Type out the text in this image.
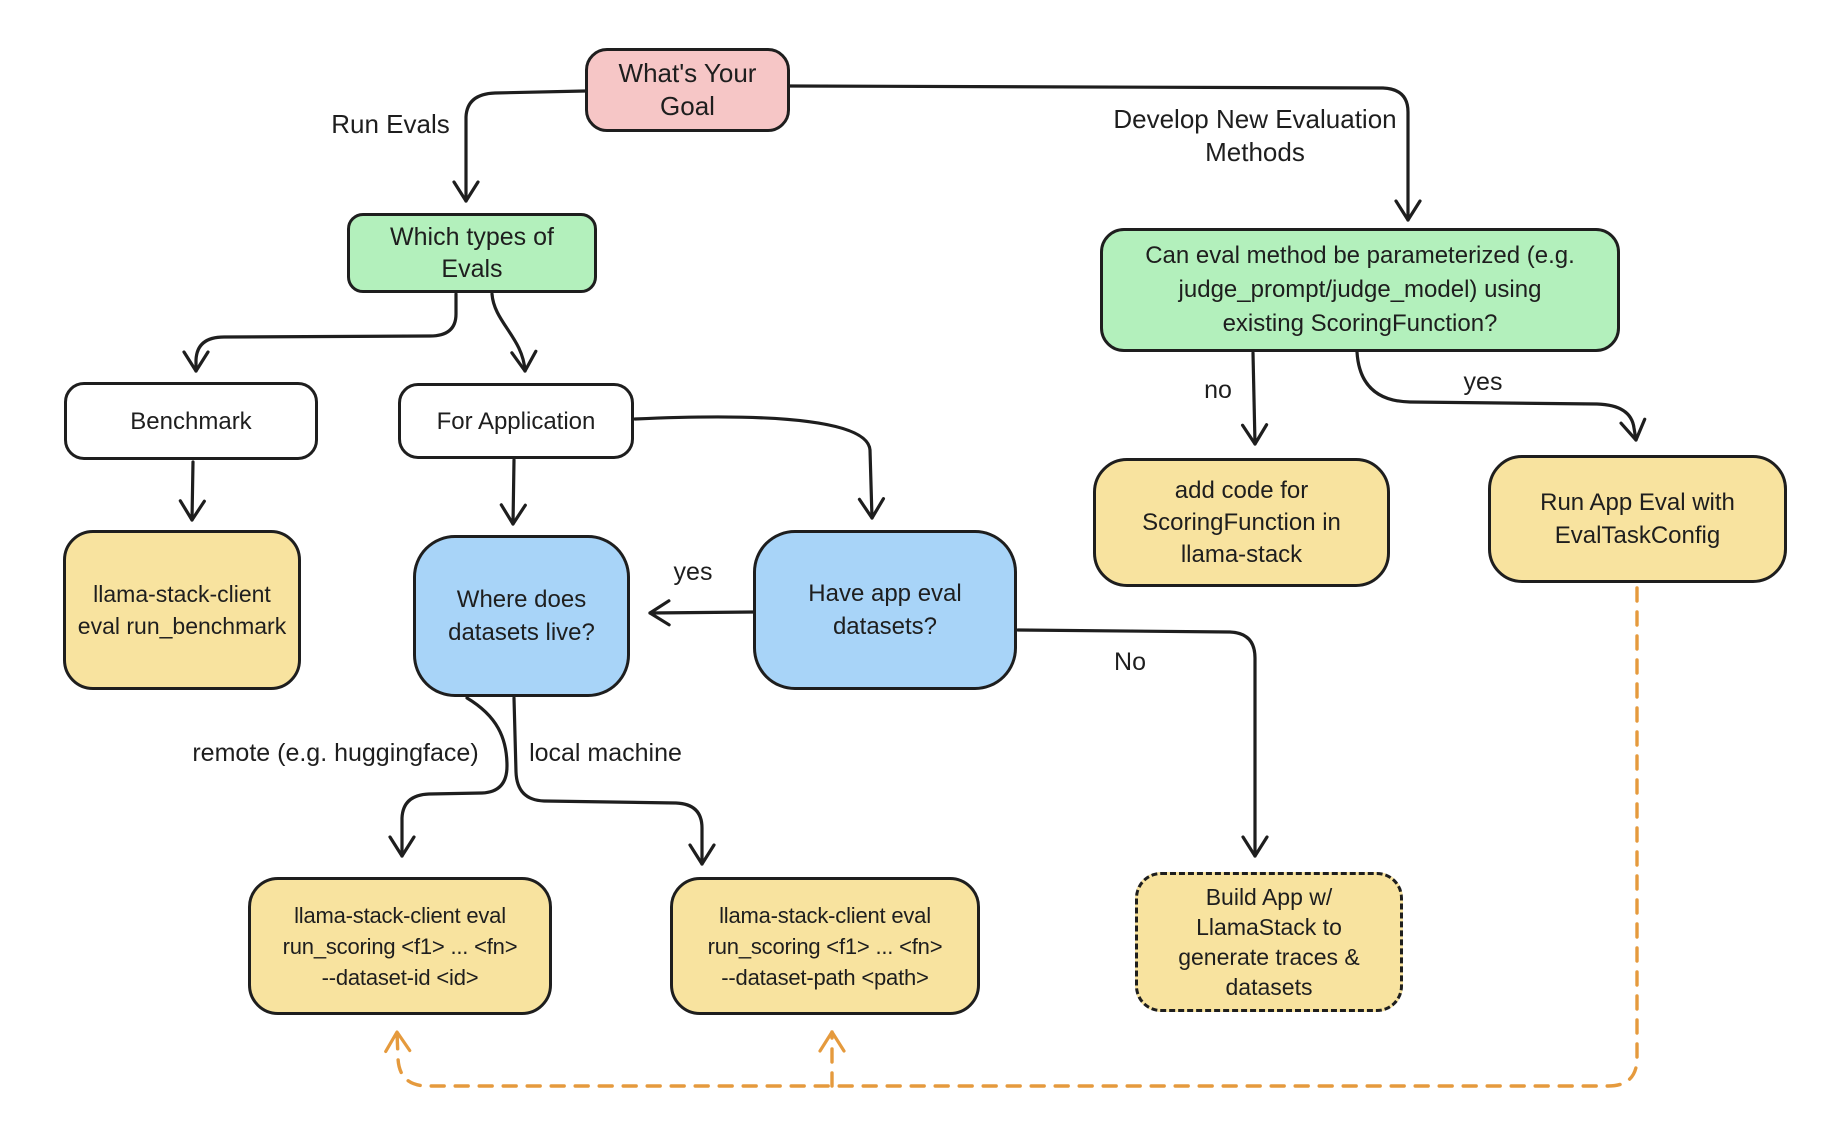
What's Your
Goal
Which types of
Evals
Benchmark	For Application
llama-stack-client
eval run_benchmark
Where does
datasets live?
Have app eval
datasets?
Can eval method be parameterized (e.g.
judge_prompt/judge_model) using
existing ScoringFunction?
add code for
ScoringFunction in
llama-stack
Run App Eval with
EvalTaskConfig
llama-stack-client eval
run_scoring <f1> ... <fn>
--dataset-id <id>
llama-stack-client eval
run_scoring <f1> ... <fn>
--dataset-path <path>
Build App w/
LlamaStack to
generate traces &
datasets
Run Evals	Develop New Evaluation
Methods
no	yes
yes
No
remote (e.g. huggingface)	local machine
